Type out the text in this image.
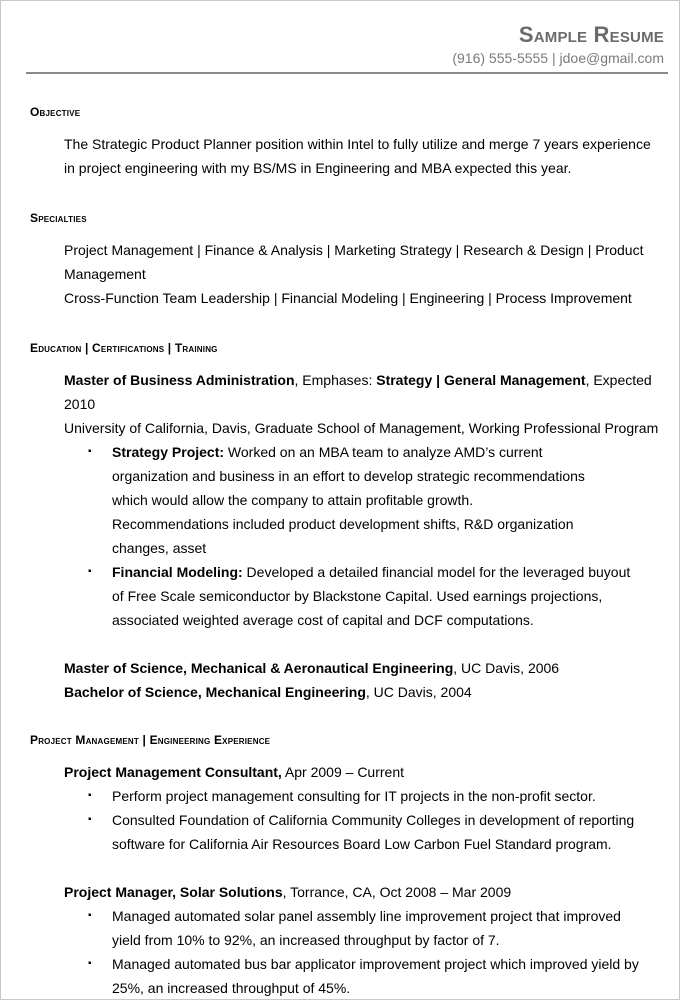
Sample Resume
(916) 555-5555 | jdoe@gmail.com
Objective

The Strategic Product Planner position within Intel to fully utilize and merge 7 years experience in project engineering with my BS/MS in Engineering and MBA expected this year.

Specialties

Project Management | Finance & Analysis | Marketing Strategy | Research & Design | Product Management

Cross-Function Team Leadership | Financial Modeling | Engineering | Process Improvement

Education | Certifications | Training

Master of Business Administration, Emphases: Strategy | General Management, Expected 2010

University of California, Davis, Graduate School of Management, Working Professional Program

▪ Strategy Project: Worked on an MBA team to analyze AMD’s current organization and business in an effort to develop strategic recommendations which would allow the company to attain profitable growth. Recommendations included product development shifts, R&D organization changes, asset
▪ Financial Modeling: Developed a detailed financial model for the leveraged buyout of Free Scale semiconductor by Blackstone Capital. Used earnings projections, associated weighted average cost of capital and DCF computations.

Master of Science, Mechanical & Aeronautical Engineering, UC Davis, 2006

Bachelor of Science, Mechanical Engineering, UC Davis, 2004

Project Management | Engineering Experience

Project Management Consultant, Apr 2009 – Current

▪ Perform project management consulting for IT projects in the non-profit sector.
▪ Consulted Foundation of California Community Colleges in development of reporting software for California Air Resources Board Low Carbon Fuel Standard program.

Project Manager, Solar Solutions, Torrance, CA, Oct 2008 – Mar 2009

▪ Managed automated solar panel assembly line improvement project that improved yield from 10% to 92%, an increased throughput by factor of 7.
▪ Managed automated bus bar applicator improvement project which improved yield by 25%, an increased throughput of 45%.
